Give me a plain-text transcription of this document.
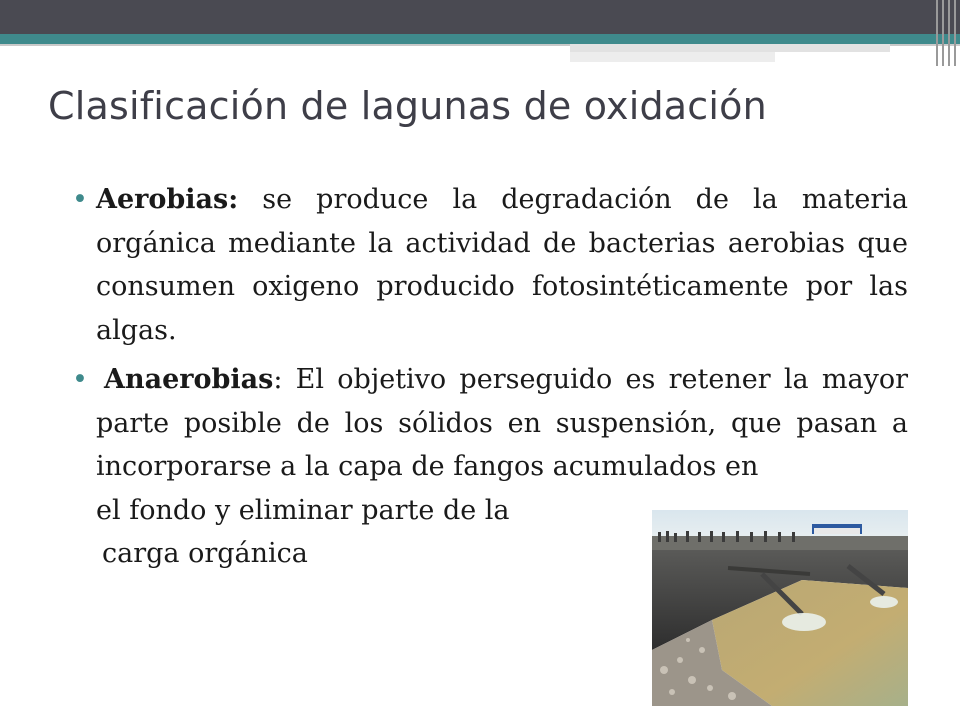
Clasificación de lagunas de oxidación
• Aerobias: se produce la degradación de la materia orgánica mediante la actividad de bacterias aerobias que consumen oxigeno producido fotosintéticamente por las algas.
• Anaerobias: El objetivo perseguido es retener la mayor parte posible de los sólidos en suspensión, que pasan a incorporarse a la capa de fangos acumulados en
el fondo y eliminar parte de la
carga orgánica
